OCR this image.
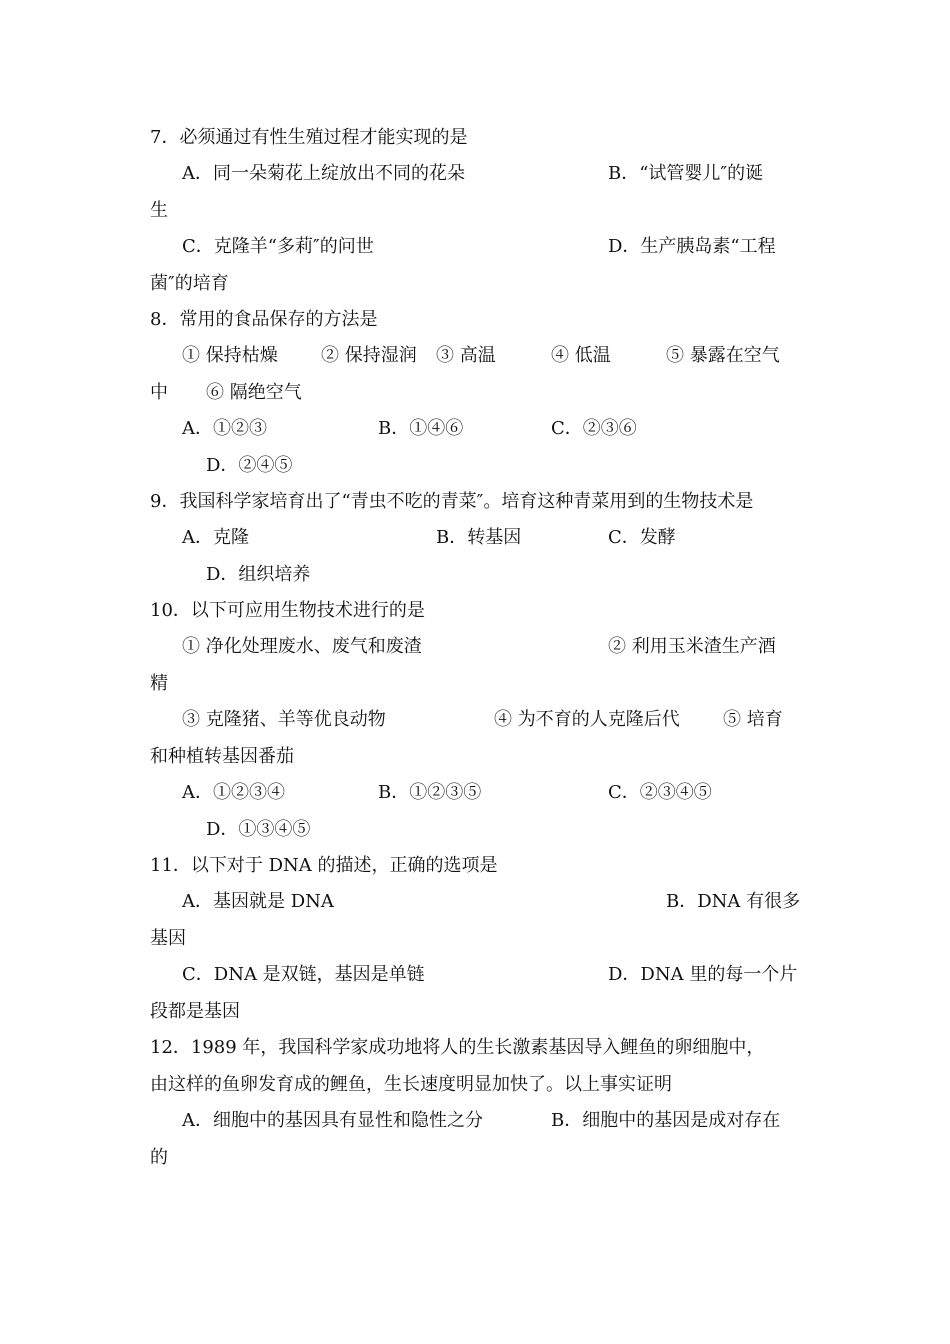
7．必须通过有性生殖过程才能实现的是
A．同一朵菊花上绽放出不同的花朵	B．“试管婴儿″的诞
生
C．克隆羊“多莉″的问世	D．生产胰岛素“工程
菌″的培育
8．常用的食品保存的方法是
① 保持枯燥 ② 保持湿润 ③ 高温	④ 低温	⑤ 暴露在空气
中 ⑥ 隔绝空气
A．①②③	B．①④⑥	C．②③⑥
D．②④⑤
9．我国科学家培育出了“青虫不吃的青菜″。培育这种青菜用到的生物技术是
A．克隆	B．转基因	C．发酵
D．组织培养
10．以下可应用生物技术进行的是
① 净化处理废水、废气和废渣	② 利用玉米渣生产酒
精
③ 克隆猪、羊等优良动物	④ 为不育的人克隆后代 ⑤ 培育
和种植转基因番茄
A．①②③④	B．①②③⑤	C．②③④⑤
D．①③④⑤
11．以下对于 DNA 的描述，正确的选项是
A．基因就是 DNA	B．DNA 有很多
基因
C．DNA 是双链，基因是单链	D．DNA 里的每一个片
段都是基因
12．1989 年，我国科学家成功地将人的生长激素基因导入鲤鱼的卵细胞中，
由这样的鱼卵发育成的鲤鱼，生长速度明显加快了。以上事实证明
A．细胞中的基因具有显性和隐性之分	B．细胞中的基因是成对存在
的
